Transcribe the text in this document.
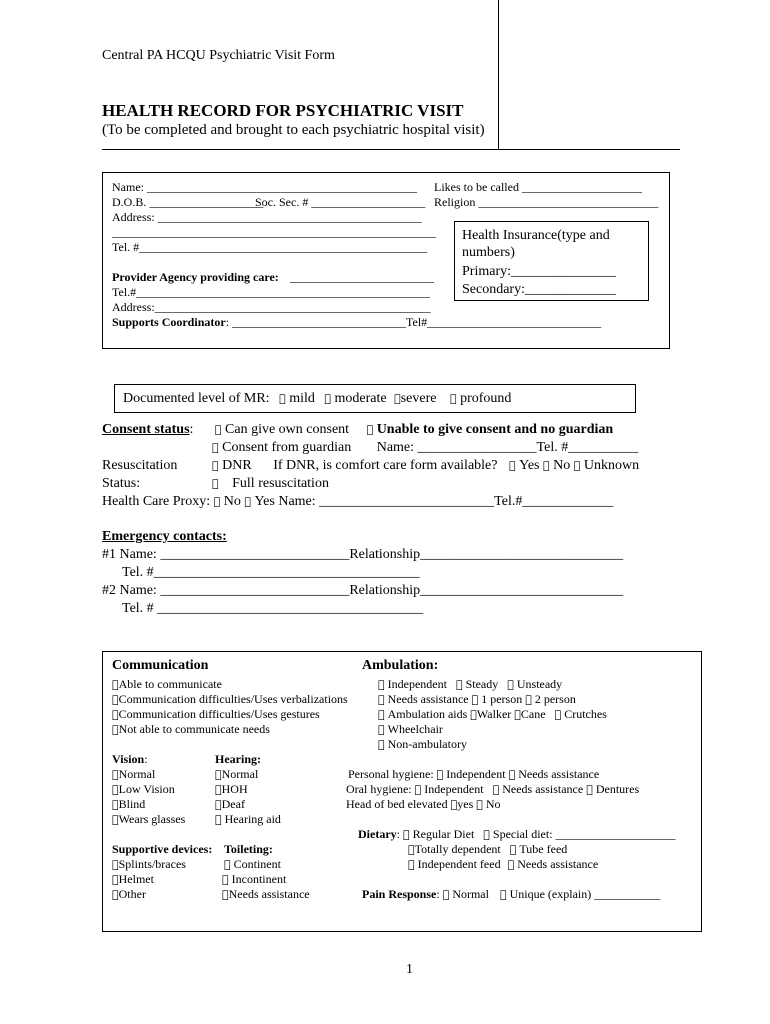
Central PA HCQU Psychiatric Visit Form
HEALTH RECORD FOR PSYCHIATRIC VISIT
(To be completed and brought to each psychiatric hospital visit)
Name: _____________________________________________ Likes to be called ____________________
D.O.B. ___________________
Soc. Sec. # ___________________ Religion ______________________________
Address: ____________________________________________
______________________________________________________
Tel. #________________________________________________
Provider Agency providing care: ________________________
Tel.#_________________________________________________
Address:______________________________________________
Supports Coordinator: _____________________________Tel#_____________________________
Health Insurance(type and
numbers)
Primary:_______________
Secondary:_____________
Documented level of MR: mild moderate severe profound
Consent status: Can give own consent Unable to give consent and no guardian
Consent from guardian Name: _________________Tel. #__________
Resuscitation
Status:
DNR If DNR, is comfort care form available? Yes No Unknown
Full resuscitation
Health Care Proxy: No Yes Name: _________________________Tel.#_____________
Emergency contacts:
#1 Name: ___________________________Relationship_____________________________
Tel. #______________________________________
#2 Name: ___________________________Relationship_____________________________
Tel. # ______________________________________
Communication
Able to communicate
Communication difficulties/Uses verbalizations
Communication difficulties/Uses gestures
Not able to communicate needs
Ambulation:
Independent Steady Unsteady
Needs assistance 1 person 2 person
Ambulation aids Walker Cane Crutches
Wheelchair
Non-ambulatory
Vision:
Normal
Low Vision
Blind
Wears glasses
Hearing:
Normal
HOH
Deaf
Hearing aid
Personal hygiene: Independent Needs assistance
Oral hygiene: Independent Needs assistance Dentures
Head of bed elevated yes No
Dietary: Regular Diet Special diet: ____________________
Totally dependent Tube feed
Independent feed Needs assistance
Supportive devices: Toileting:
Splints/braces
Helmet
Other
Continent
Incontinent
Needs assistance	Pain Response: Normal Unique (explain) ___________
1
